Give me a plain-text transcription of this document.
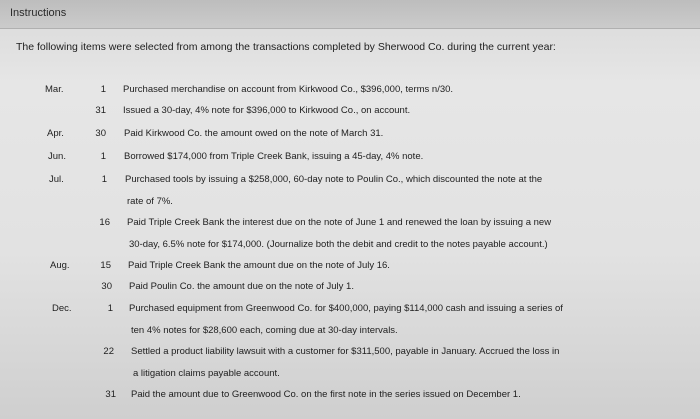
Instructions
The following items were selected from among the transactions completed by Sherwood Co. during the current year:
Mar.	1 Purchased merchandise on account from Kirkwood Co., $396,000, terms n/30.
31 Issued a 30-day, 4% note for $396,000 to Kirkwood Co., on account.
Apr.	30 Paid Kirkwood Co. the amount owed on the note of March 31.
Jun.	1 Borrowed $174,000 from Triple Creek Bank, issuing a 45-day, 4% note.
Jul.	1 Purchased tools by issuing a $258,000, 60-day note to Poulin Co., which discounted the note at the
rate of 7%.
16 Paid Triple Creek Bank the interest due on the note of June 1 and renewed the loan by issuing a new
30-day, 6.5% note for $174,000. (Journalize both the debit and credit to the notes payable account.)
Aug.	15 Paid Triple Creek Bank the amount due on the note of July 16.
30 Paid Poulin Co. the amount due on the note of July 1.
Dec.	1 Purchased equipment from Greenwood Co. for $400,000, paying $114,000 cash and issuing a series of
ten 4% notes for $28,600 each, coming due at 30-day intervals.
22 Settled a product liability lawsuit with a customer for $311,500, payable in January. Accrued the loss in
a litigation claims payable account.
31 Paid the amount due to Greenwood Co. on the first note in the series issued on December 1.
